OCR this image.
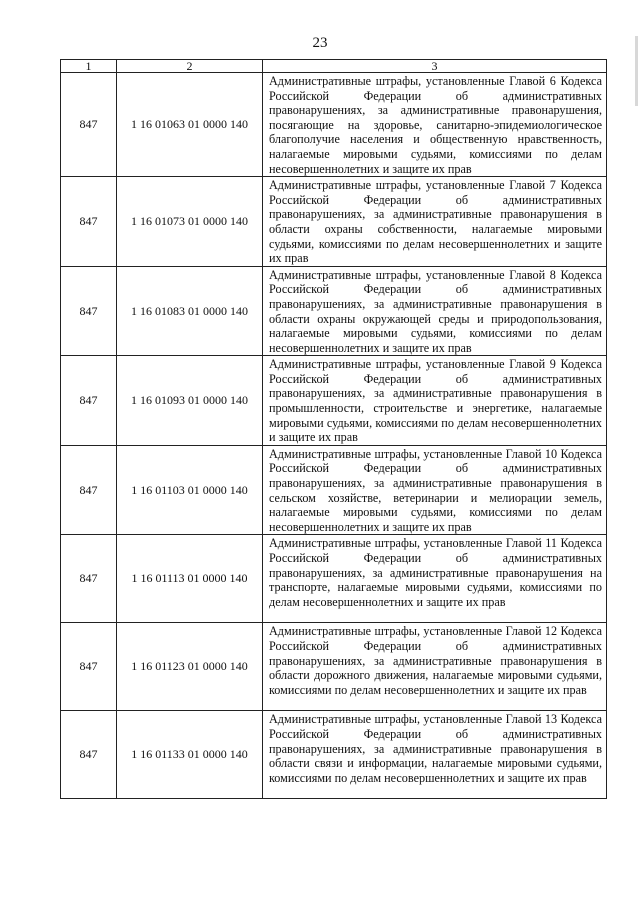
23
1	2	3
847	1 16 01063 01 0000 140	Административные штрафы, установленные Главой 6 Кодекса Российской Федерации об административных правонарушениях, за административные правонарушения, посягающие на здоровье, санитарно-эпидемиологическое благополучие населения и общественную нравственность, налагаемые мировыми судьями, комиссиями по делам несовершеннолетних и защите их прав
847	1 16 01073 01 0000 140	Административные штрафы, установленные Главой 7 Кодекса Российской Федерации об административных правонарушениях, за административные правонарушения в области охраны собственности, налагаемые мировыми судьями, комиссиями по делам несовершеннолетних и защите их прав
847	1 16 01083 01 0000 140	Административные штрафы, установленные Главой 8 Кодекса Российской Федерации об административных правонарушениях, за административные правонарушения в области охраны окружающей среды и природопользования, налагаемые мировыми судьями, комиссиями по делам несовершеннолетних и защите их прав
847	1 16 01093 01 0000 140	Административные штрафы, установленные Главой 9 Кодекса Российской Федерации об административных правонарушениях, за административные правонарушения в промышленности, строительстве и энергетике, налагаемые мировыми судьями, комиссиями по делам несовершеннолетних и защите их прав
847	1 16 01103 01 0000 140	Административные штрафы, установленные Главой 10 Кодекса Российской Федерации об административных правонарушениях, за административные правонарушения в сельском хозяйстве, ветеринарии и мелиорации земель, налагаемые мировыми судьями, комиссиями по делам несовершеннолетних и защите их прав
847	1 16 01113 01 0000 140	Административные штрафы, установленные Главой 11 Кодекса Российской Федерации об административных правонарушениях, за административные правонарушения на транспорте, налагаемые мировыми судьями, комиссиями по делам несовершеннолетних и защите их прав
847	1 16 01123 01 0000 140	Административные штрафы, установленные Главой 12 Кодекса Российской Федерации об административных правонарушениях, за административные правонарушения в области дорожного движения, налагаемые мировыми судьями, комиссиями по делам несовершеннолетних и защите их прав
847	1 16 01133 01 0000 140	Административные штрафы, установленные Главой 13 Кодекса Российской Федерации об административных правонарушениях, за административные правонарушения в области связи и информации, налагаемые мировыми судьями, комиссиями по делам несовершеннолетних и защите их прав
